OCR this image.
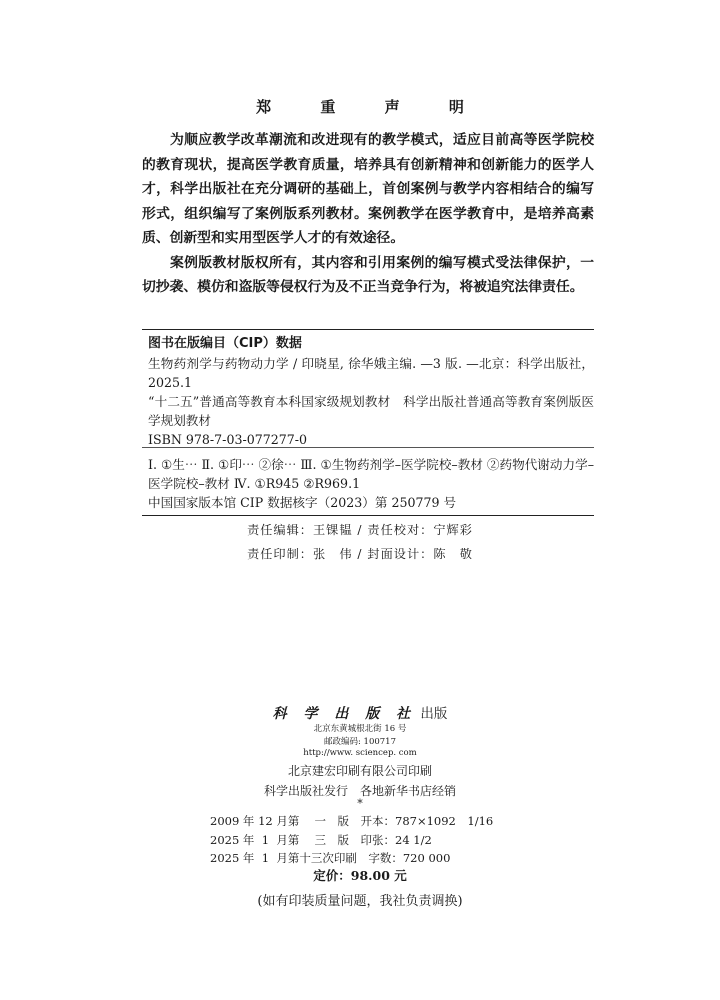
郑 重 声 明

为顺应教学改革潮流和改进现有的教学模式，适应目前高等医学院校的教育现状，提高医学教育质量，培养具有创新精神和创新能力的医学人才，科学出版社在充分调研的基础上，首创案例与教学内容相结合的编写形式，组织编写了案例版系列教材。案例教学在医学教育中，是培养高素质、创新型和实用型医学人才的有效途径。

案例版教材版权所有，其内容和引用案例的编写模式受法律保护，一切抄袭、模仿和盗版等侵权行为及不正当竞争行为，将被追究法律责任。

图书在版编目（CIP）数据

生物药剂学与药物动力学 / 印晓星, 徐华娥主编. —3 版. —北京：科学出版社，2025.1

“十二五”普通高等教育本科国家级规划教材　科学出版社普通高等教育案例版医学规划教材

ISBN 978-7-03-077277-0

Ⅰ. ①生⋯ Ⅱ. ①印⋯ ②徐⋯ Ⅲ. ①生物药剂学–医学院校–教材 ②药物代谢动力学–医学院校–教材 Ⅳ. ①R945 ②R969.1

中国国家版本馆 CIP 数据核字（2023）第 250779 号

责任编辑：王锞韫 / 责任校对：宁辉彩
责任印制：张　伟 / 封面设计：陈　敬
科 学 出 版 社 出版
北京东黄城根北街 16 号
邮政编码: 100717
http://www. sciencep. com
北京建宏印刷有限公司印刷
科学出版社发行　各地新华书店经销
*
2009 年 12 月第　 一　版　开本：787×1092　1/16
2025 年  1  月第　 三　版　印张：24 1/2
2025 年  1  月第十三次印刷　字数：720 000
定价：98.00 元
(如有印装质量问题，我社负责调换)
